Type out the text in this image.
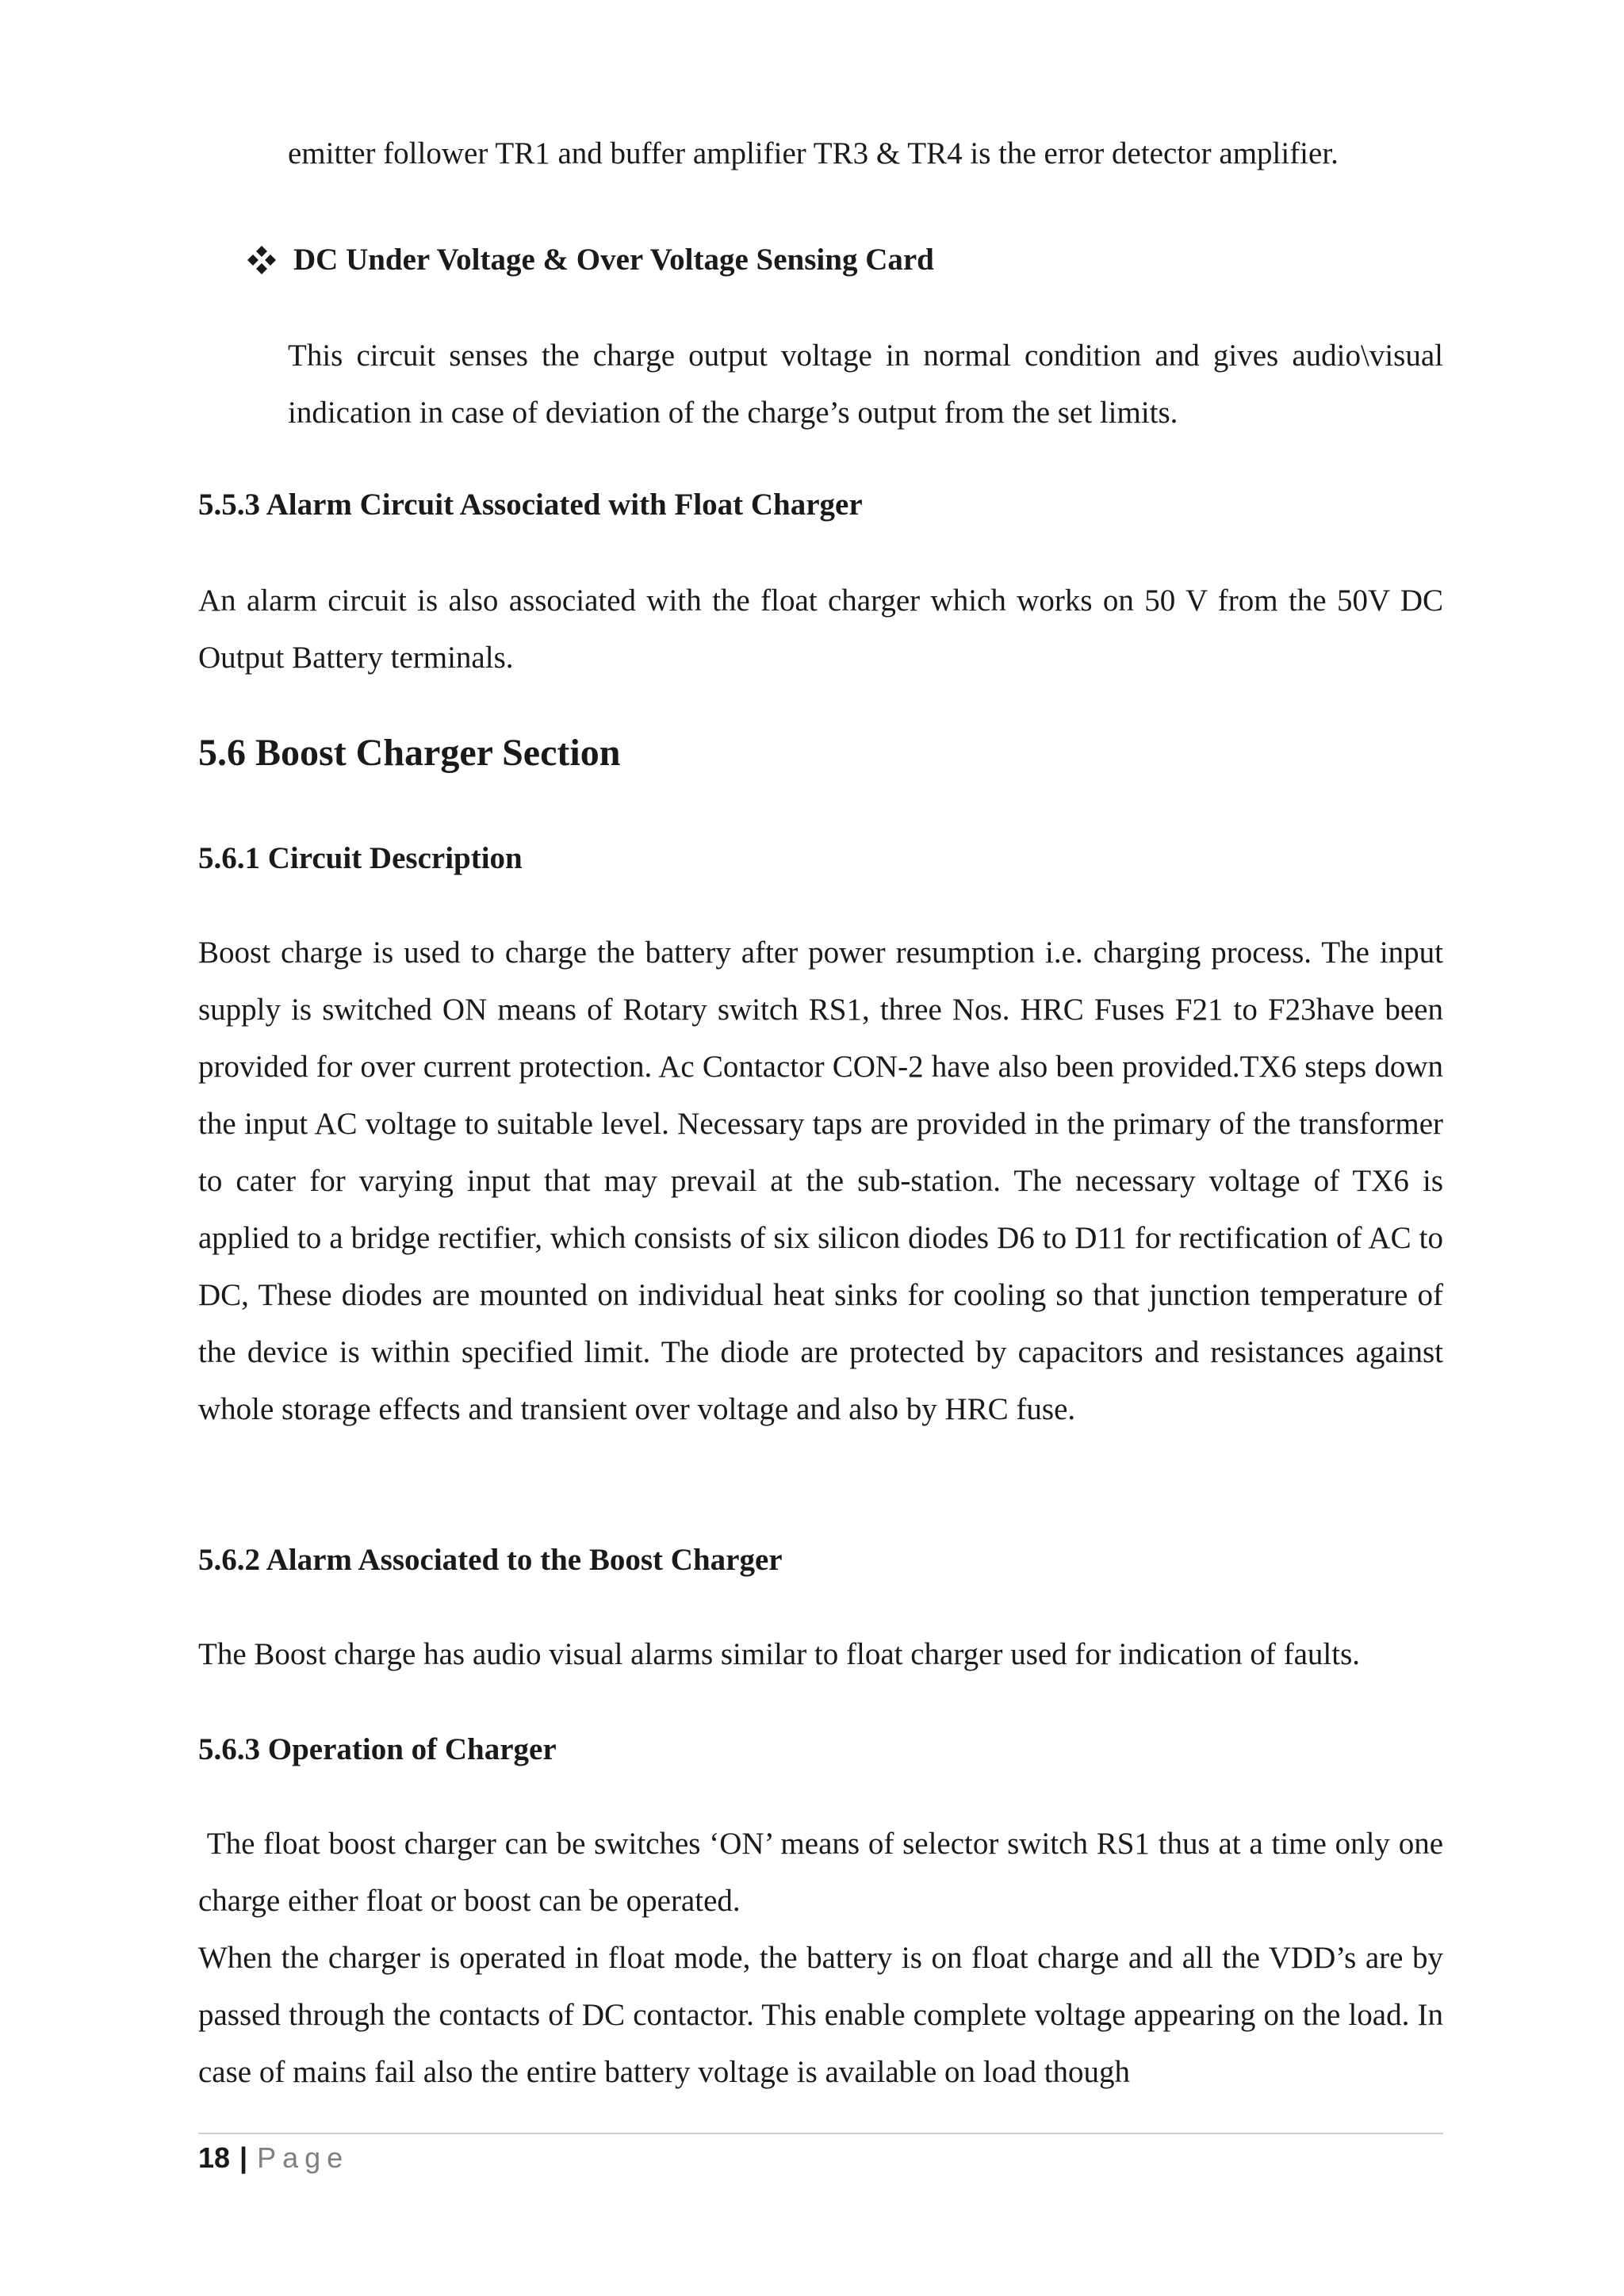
emitter follower TR1 and buffer amplifier TR3 & TR4 is the error detector amplifier.

DC Under Voltage & Over Voltage Sensing Card

This circuit senses the charge output voltage in normal condition and gives audio\visual indication in case of deviation of the charge’s output from the set limits.

5.5.3 Alarm Circuit Associated with Float Charger

An alarm circuit is also associated with the float charger which works on 50 V from the 50V DC Output Battery terminals.

5.6 Boost Charger Section
5.6.1 Circuit Description

Boost charge is used to charge the battery after power resumption i.e. charging process. The input supply is switched ON means of Rotary switch RS1, three Nos. HRC Fuses F21 to F23have been provided for over current protection. Ac Contactor CON-2 have also been provided.TX6 steps down the input AC voltage to suitable level. Necessary taps are provided in the primary of the transformer to cater for varying input that may prevail at the sub-station. The necessary voltage of TX6 is applied to a bridge rectifier, which consists of six silicon diodes D6 to D11 for rectification of AC to DC, These diodes are mounted on individual heat sinks for cooling so that junction temperature of the device is within specified limit. The diode are protected by capacitors and resistances against whole storage effects and transient over voltage and also by HRC fuse.

5.6.2 Alarm Associated to the Boost Charger

The Boost charge has audio visual alarms similar to float charger used for indication of faults.

5.6.3 Operation of Charger

The float boost charger can be switches ‘ON’ means of selector switch RS1 thus at a time only one charge either float or boost can be operated.

When the charger is operated in float mode, the battery is on float charge and all the VDD’s are by passed through the contacts of DC contactor. This enable complete voltage appearing on the load. In case of mains fail also the entire battery voltage is available on load though

18 | Page
